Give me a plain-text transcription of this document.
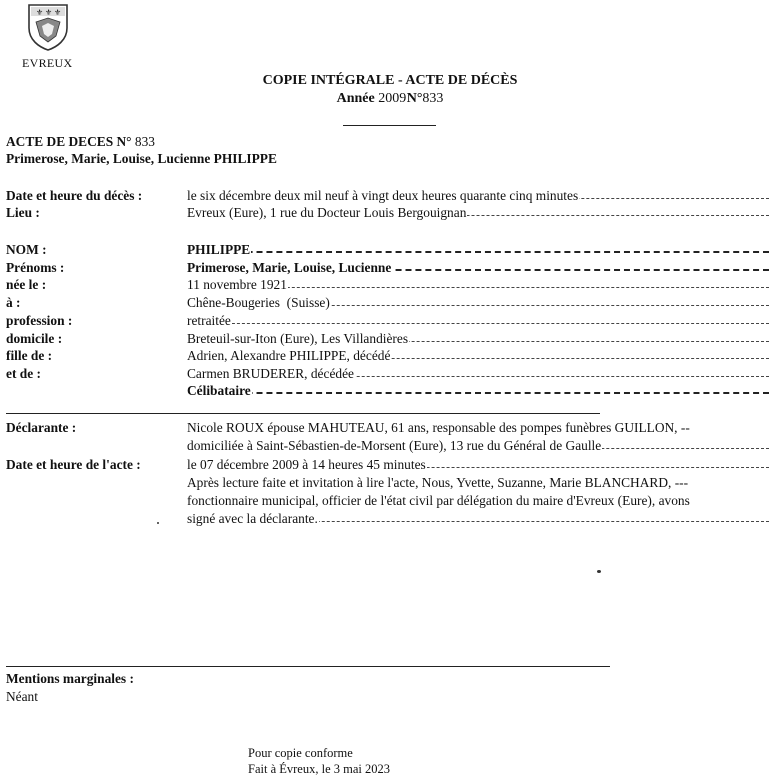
⚜ ⚜ ⚜
EVREUX
COPIE INTÉGRALE - ACTE DE DÉCÈS
Année 2009 N°833
ACTE DE DECES N° 833
Primerose, Marie, Louise, Lucienne PHILIPPE
Date et heure du décès :	le six décembre deux mil neuf à vingt deux heures quarante cinq minutes
Lieu :	Evreux (Eure), 1 rue du Docteur Louis Bergouignan
NOM :	PHILIPPE
Prénoms :	Primerose, Marie, Louise, Lucienne
née le :	11 novembre 1921
à :	Chêne-Bougeries  (Suisse)
profession :	retraitée
domicile :	Breteuil-sur-Iton (Eure), Les Villandières
fille de :	Adrien, Alexandre PHILIPPE, décédé
et de :	Carmen BRUDERER, décédée
Célibataire
Déclarante :	Nicole ROUX épouse MAHUTEAU, 61 ans, responsable des pompes funèbres GUILLON, --
domiciliée à Saint-Sébastien-de-Morsent (Eure), 13 rue du Général de Gaulle
Date et heure de l'acte :	le 07 décembre 2009 à 14 heures 45 minutes
Après lecture faite et invitation à lire l'acte, Nous, Yvette, Suzanne, Marie BLANCHARD, ---
fonctionnaire municipal, officier de l'état civil par délégation du maire d'Evreux (Eure), avons
signé avec la déclarante.
Mentions marginales :
Néant
Pour copie conforme
Fait à Évreux, le 3 mai 2023
